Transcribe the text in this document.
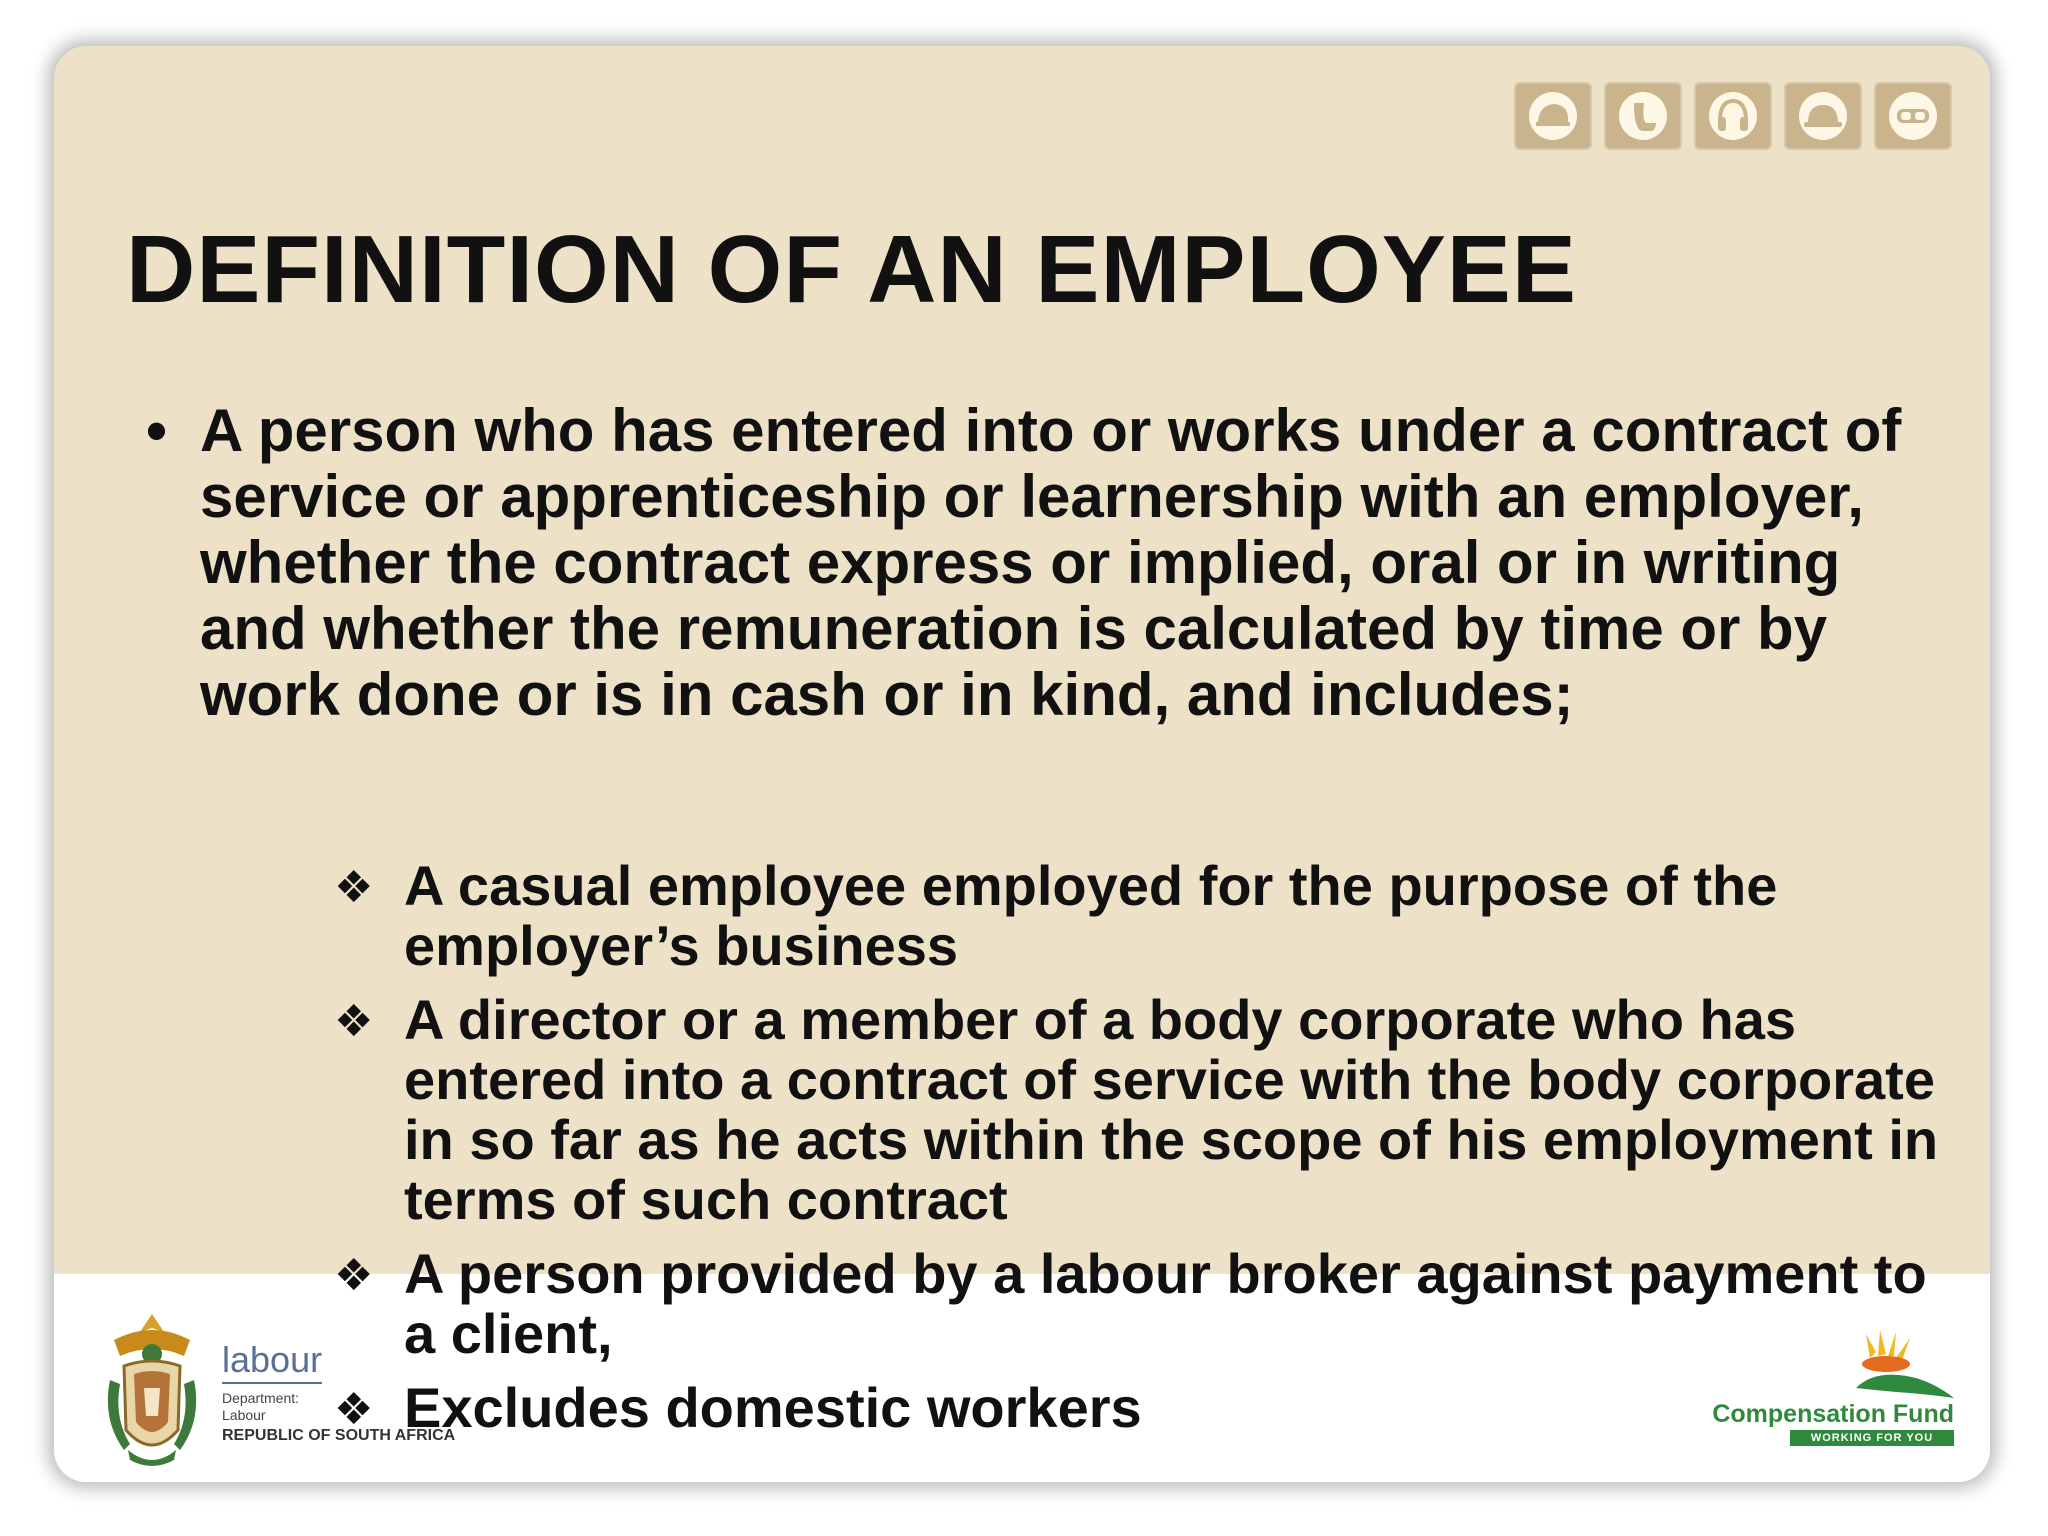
DEFINITION OF AN EMPLOYEE
• A person who has entered into or works under a contract of service or apprenticeship or learnership with an employer, whether the contract express or implied, oral or in writing and whether the remuneration is calculated by time or by work done or is in cash or in kind, and includes;
❖ A casual employee employed for the purpose of the employer’s business
❖ A director or a member of a body corporate who has entered into a contract of service with the body corporate in so far as he acts within the scope of his employment in terms of such contract
❖ A person provided by a labour broker against payment to a client,
❖ Excludes domestic workers
labour
Department:
Labour
REPUBLIC OF SOUTH AFRICA
Compensation Fund
WORKING FOR YOU
